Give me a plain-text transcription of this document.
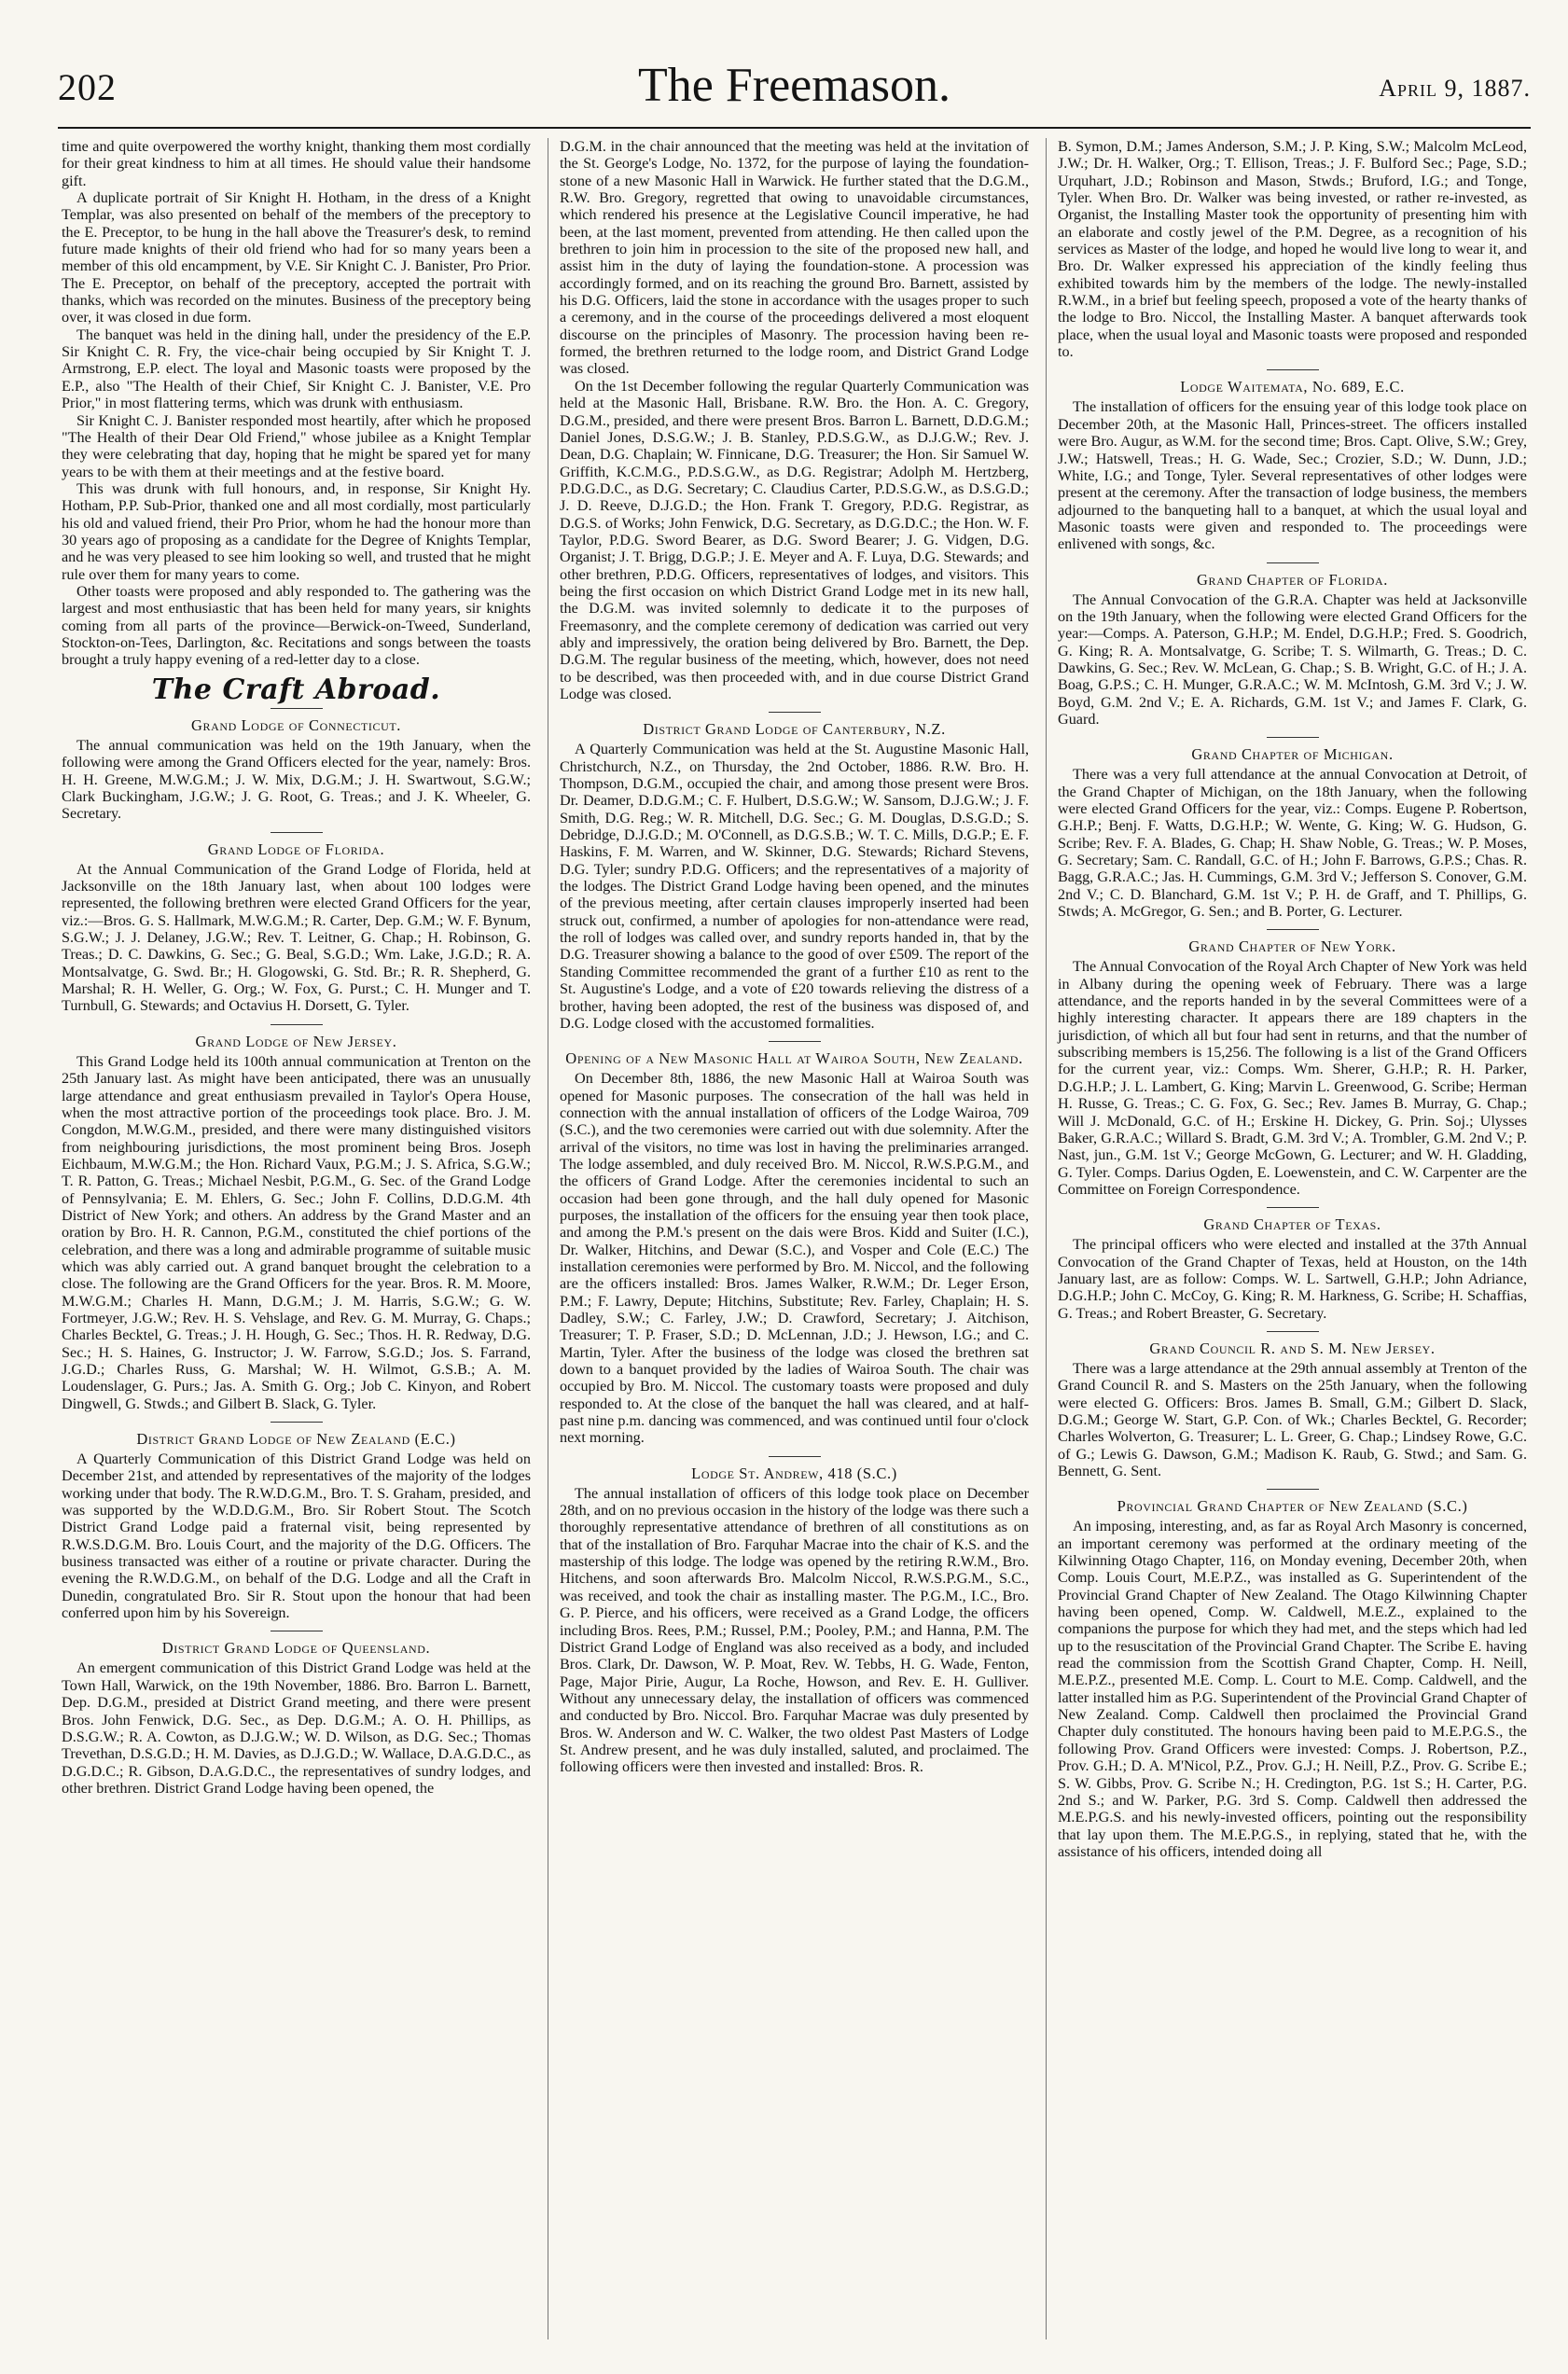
202	The Freemason.	April 9, 1887.

time and quite overpowered the worthy knight, thanking them most cordially for their great kindness to him at all times. He should value their handsome gift.

A duplicate portrait of Sir Knight H. Hotham, in the dress of a Knight Templar, was also presented on behalf of the members of the preceptory to the E. Preceptor, to be hung in the hall above the Treasurer's desk, to remind future made knights of their old friend who had for so many years been a member of this old encampment, by V.E. Sir Knight C. J. Banister, Pro Prior. The E. Preceptor, on behalf of the preceptory, accepted the portrait with thanks, which was recorded on the minutes. Business of the preceptory being over, it was closed in due form.

The banquet was held in the dining hall, under the presidency of the E.P. Sir Knight C. R. Fry, the vice-chair being occupied by Sir Knight T. J. Armstrong, E.P. elect. The loyal and Masonic toasts were proposed by the E.P., also "The Health of their Chief, Sir Knight C. J. Banister, V.E. Pro Prior," in most flattering terms, which was drunk with enthusiasm.

Sir Knight C. J. Banister responded most heartily, after which he proposed "The Health of their Dear Old Friend," whose jubilee as a Knight Templar they were celebrating that day, hoping that he might be spared yet for many years to be with them at their meetings and at the festive board.

This was drunk with full honours, and, in response, Sir Knight Hy. Hotham, P.P. Sub-Prior, thanked one and all most cordially, most particularly his old and valued friend, their Pro Prior, whom he had the honour more than 30 years ago of proposing as a candidate for the Degree of Knights Templar, and he was very pleased to see him looking so well, and trusted that he might rule over them for many years to come.

Other toasts were proposed and ably responded to. The gathering was the largest and most enthusiastic that has been held for many years, sir knights coming from all parts of the province—Berwick-on-Tweed, Sunderland, Stockton-on-Tees, Darlington, &c. Recitations and songs between the toasts brought a truly happy evening of a red-letter day to a close.

The Craft Abroad.
Grand Lodge of Connecticut.

The annual communication was held on the 19th January, when the following were among the Grand Officers elected for the year, namely: Bros. H. H. Greene, M.W.G.M.; J. W. Mix, D.G.M.; J. H. Swartwout, S.G.W.; Clark Buckingham, J.G.W.; J. G. Root, G. Treas.; and J. K. Wheeler, G. Secretary.

Grand Lodge of Florida.

At the Annual Communication of the Grand Lodge of Florida, held at Jacksonville on the 18th January last, when about 100 lodges were represented, the following brethren were elected Grand Officers for the year, viz.:—Bros. G. S. Hallmark, M.W.G.M.; R. Carter, Dep. G.M.; W. F. Bynum, S.G.W.; J. J. Delaney, J.G.W.; Rev. T. Leitner, G. Chap.; H. Robinson, G. Treas.; D. C. Dawkins, G. Sec.; G. Beal, S.G.D.; Wm. Lake, J.G.D.; R. A. Montsalvatge, G. Swd. Br.; H. Glogowski, G. Std. Br.; R. R. Shepherd, G. Marshal; R. H. Weller, G. Org.; W. Fox, G. Purst.; C. H. Munger and T. Turnbull, G. Stewards; and Octavius H. Dorsett, G. Tyler.

Grand Lodge of New Jersey.

This Grand Lodge held its 100th annual communication at Trenton on the 25th January last. As might have been anticipated, there was an unusually large attendance and great enthusiasm prevailed in Taylor's Opera House, when the most attractive portion of the proceedings took place. Bro. J. M. Congdon, M.W.G.M., presided, and there were many distinguished visitors from neighbouring jurisdictions, the most prominent being Bros. Joseph Eichbaum, M.W.G.M.; the Hon. Richard Vaux, P.G.M.; J. S. Africa, S.G.W.; T. R. Patton, G. Treas.; Michael Nesbit, P.G.M., G. Sec. of the Grand Lodge of Pennsylvania; E. M. Ehlers, G. Sec.; John F. Collins, D.D.G.M. 4th District of New York; and others. An address by the Grand Master and an oration by Bro. H. R. Cannon, P.G.M., constituted the chief portions of the celebration, and there was a long and admirable programme of suitable music which was ably carried out. A grand banquet brought the celebration to a close. The following are the Grand Officers for the year. Bros. R. M. Moore, M.W.G.M.; Charles H. Mann, D.G.M.; J. M. Harris, S.G.W.; G. W. Fortmeyer, J.G.W.; Rev. H. S. Vehslage, and Rev. G. M. Murray, G. Chaps.; Charles Becktel, G. Treas.; J. H. Hough, G. Sec.; Thos. H. R. Redway, D.G. Sec.; H. S. Haines, G. Instructor; J. W. Farrow, S.G.D.; Jos. S. Farrand, J.G.D.; Charles Russ, G. Marshal; W. H. Wilmot, G.S.B.; A. M. Loudenslager, G. Purs.; Jas. A. Smith G. Org.; Job C. Kinyon, and Robert Dingwell, G. Stwds.; and Gilbert B. Slack, G. Tyler.

District Grand Lodge of New Zealand (E.C.)

A Quarterly Communication of this District Grand Lodge was held on December 21st, and attended by representatives of the majority of the lodges working under that body. The R.W.D.G.M., Bro. T. S. Graham, presided, and was supported by the W.D.D.G.M., Bro. Sir Robert Stout. The Scotch District Grand Lodge paid a fraternal visit, being represented by R.W.S.D.G.M. Bro. Louis Court, and the majority of the D.G. Officers. The business transacted was either of a routine or private character. During the evening the R.W.D.G.M., on behalf of the D.G. Lodge and all the Craft in Dunedin, congratulated Bro. Sir R. Stout upon the honour that had been conferred upon him by his Sovereign.

District Grand Lodge of Queensland.

An emergent communication of this District Grand Lodge was held at the Town Hall, Warwick, on the 19th November, 1886. Bro. Barron L. Barnett, Dep. D.G.M., presided at District Grand meeting, and there were present Bros. John Fenwick, D.G. Sec., as Dep. D.G.M.; A. O. H. Phillips, as D.S.G.W.; R. A. Cowton, as D.J.G.W.; W. D. Wilson, as D.G. Sec.; Thomas Trevethan, D.S.G.D.; H. M. Davies, as D.J.G.D.; W. Wallace, D.A.G.D.C., as D.G.D.C.; R. Gibson, D.A.G.D.C., the representatives of sundry lodges, and other brethren. District Grand Lodge having been opened, the

D.G.M. in the chair announced that the meeting was held at the invitation of the St. George's Lodge, No. 1372, for the purpose of laying the foundation-stone of a new Masonic Hall in Warwick. He further stated that the D.G.M., R.W. Bro. Gregory, regretted that owing to unavoidable circumstances, which rendered his presence at the Legislative Council imperative, he had been, at the last moment, prevented from attending. He then called upon the brethren to join him in procession to the site of the proposed new hall, and assist him in the duty of laying the foundation-stone. A procession was accordingly formed, and on its reaching the ground Bro. Barnett, assisted by his D.G. Officers, laid the stone in accordance with the usages proper to such a ceremony, and in the course of the proceedings delivered a most eloquent discourse on the principles of Masonry. The procession having been re-formed, the brethren returned to the lodge room, and District Grand Lodge was closed.

On the 1st December following the regular Quarterly Communication was held at the Masonic Hall, Brisbane. R.W. Bro. the Hon. A. C. Gregory, D.G.M., presided, and there were present Bros. Barron L. Barnett, D.D.G.M.; Daniel Jones, D.S.G.W.; J. B. Stanley, P.D.S.G.W., as D.J.G.W.; Rev. J. Dean, D.G. Chaplain; W. Finnicane, D.G. Treasurer; the Hon. Sir Samuel W. Griffith, K.C.M.G., P.D.S.G.W., as D.G. Registrar; Adolph M. Hertzberg, P.D.G.D.C., as D.G. Secretary; C. Claudius Carter, P.D.S.G.W., as D.S.G.D.; J. D. Reeve, D.J.G.D.; the Hon. Frank T. Gregory, P.D.G. Registrar, as D.G.S. of Works; John Fenwick, D.G. Secretary, as D.G.D.C.; the Hon. W. F. Taylor, P.D.G. Sword Bearer, as D.G. Sword Bearer; J. G. Vidgen, D.G. Organist; J. T. Brigg, D.G.P.; J. E. Meyer and A. F. Luya, D.G. Stewards; and other brethren, P.D.G. Officers, representatives of lodges, and visitors. This being the first occasion on which District Grand Lodge met in its new hall, the D.G.M. was invited solemnly to dedicate it to the purposes of Freemasonry, and the complete ceremony of dedication was carried out very ably and impressively, the oration being delivered by Bro. Barnett, the Dep. D.G.M. The regular business of the meeting, which, however, does not need to be described, was then proceeded with, and in due course District Grand Lodge was closed.

District Grand Lodge of Canterbury, N.Z.

A Quarterly Communication was held at the St. Augustine Masonic Hall, Christchurch, N.Z., on Thursday, the 2nd October, 1886. R.W. Bro. H. Thompson, D.G.M., occupied the chair, and among those present were Bros. Dr. Deamer, D.D.G.M.; C. F. Hulbert, D.S.G.W.; W. Sansom, D.J.G.W.; J. F. Smith, D.G. Reg.; W. R. Mitchell, D.G. Sec.; G. M. Douglas, D.S.G.D.; S. Debridge, D.J.G.D.; M. O'Connell, as D.G.S.B.; W. T. C. Mills, D.G.P.; E. F. Haskins, F. M. Warren, and W. Skinner, D.G. Stewards; Richard Stevens, D.G. Tyler; sundry P.D.G. Officers; and the representatives of a majority of the lodges. The District Grand Lodge having been opened, and the minutes of the previous meeting, after certain clauses improperly inserted had been struck out, confirmed, a number of apologies for non-attendance were read, the roll of lodges was called over, and sundry reports handed in, that by the D.G. Treasurer showing a balance to the good of over £509. The report of the Standing Committee recommended the grant of a further £10 as rent to the St. Augustine's Lodge, and a vote of £20 towards relieving the distress of a brother, having been adopted, the rest of the business was disposed of, and D.G. Lodge closed with the accustomed formalities.

Opening of a New Masonic Hall at Wairoa South, New Zealand.

On December 8th, 1886, the new Masonic Hall at Wairoa South was opened for Masonic purposes. The consecration of the hall was held in connection with the annual installation of officers of the Lodge Wairoa, 709 (S.C.), and the two ceremonies were carried out with due solemnity. After the arrival of the visitors, no time was lost in having the preliminaries arranged. The lodge assembled, and duly received Bro. M. Niccol, R.W.S.P.G.M., and the officers of Grand Lodge. After the ceremonies incidental to such an occasion had been gone through, and the hall duly opened for Masonic purposes, the installation of the officers for the ensuing year then took place, and among the P.M.'s present on the dais were Bros. Kidd and Suiter (I.C.), Dr. Walker, Hitchins, and Dewar (S.C.), and Vosper and Cole (E.C.) The installation ceremonies were performed by Bro. M. Niccol, and the following are the officers installed: Bros. James Walker, R.W.M.; Dr. Leger Erson, P.M.; F. Lawry, Depute; Hitchins, Substitute; Rev. Farley, Chaplain; H. S. Dadley, S.W.; C. Farley, J.W.; D. Crawford, Secretary; J. Aitchison, Treasurer; T. P. Fraser, S.D.; D. McLennan, J.D.; J. Hewson, I.G.; and C. Martin, Tyler. After the business of the lodge was closed the brethren sat down to a banquet provided by the ladies of Wairoa South. The chair was occupied by Bro. M. Niccol. The customary toasts were proposed and duly responded to. At the close of the banquet the hall was cleared, and at half-past nine p.m. dancing was commenced, and was continued until four o'clock next morning.

Lodge St. Andrew, 418 (S.C.)

The annual installation of officers of this lodge took place on December 28th, and on no previous occasion in the history of the lodge was there such a thoroughly representative attendance of brethren of all constitutions as on that of the installation of Bro. Farquhar Macrae into the chair of K.S. and the mastership of this lodge. The lodge was opened by the retiring R.W.M., Bro. Hitchens, and soon afterwards Bro. Malcolm Niccol, R.W.S.P.G.M., S.C., was received, and took the chair as installing master. The P.G.M., I.C., Bro. G. P. Pierce, and his officers, were received as a Grand Lodge, the officers including Bros. Rees, P.M.; Russel, P.M.; Pooley, P.M.; and Hanna, P.M. The District Grand Lodge of England was also received as a body, and included Bros. Clark, Dr. Dawson, W. P. Moat, Rev. W. Tebbs, H. G. Wade, Fenton, Page, Major Pirie, Augur, La Roche, Howson, and Rev. E. H. Gulliver. Without any unnecessary delay, the installation of officers was commenced and conducted by Bro. Niccol. Bro. Farquhar Macrae was duly presented by Bros. W. Anderson and W. C. Walker, the two oldest Past Masters of Lodge St. Andrew present, and he was duly installed, saluted, and proclaimed. The following officers were then invested and installed: Bros. R.

B. Symon, D.M.; James Anderson, S.M.; J. P. King, S.W.; Malcolm McLeod, J.W.; Dr. H. Walker, Org.; T. Ellison, Treas.; J. F. Bulford Sec.; Page, S.D.; Urquhart, J.D.; Robinson and Mason, Stwds.; Bruford, I.G.; and Tonge, Tyler. When Bro. Dr. Walker was being invested, or rather re-invested, as Organist, the Installing Master took the opportunity of presenting him with an elaborate and costly jewel of the P.M. Degree, as a recognition of his services as Master of the lodge, and hoped he would live long to wear it, and Bro. Dr. Walker expressed his appreciation of the kindly feeling thus exhibited towards him by the members of the lodge. The newly-installed R.W.M., in a brief but feeling speech, proposed a vote of the hearty thanks of the lodge to Bro. Niccol, the Installing Master. A banquet afterwards took place, when the usual loyal and Masonic toasts were proposed and responded to.

Lodge Waitemata, No. 689, E.C.

The installation of officers for the ensuing year of this lodge took place on December 20th, at the Masonic Hall, Princes-street. The officers installed were Bro. Augur, as W.M. for the second time; Bros. Capt. Olive, S.W.; Grey, J.W.; Hatswell, Treas.; H. G. Wade, Sec.; Crozier, S.D.; W. Dunn, J.D.; White, I.G.; and Tonge, Tyler. Several representatives of other lodges were present at the ceremony. After the transaction of lodge business, the members adjourned to the banqueting hall to a banquet, at which the usual loyal and Masonic toasts were given and responded to. The proceedings were enlivened with songs, &c.

Grand Chapter of Florida.

The Annual Convocation of the G.R.A. Chapter was held at Jacksonville on the 19th January, when the following were elected Grand Officers for the year:—Comps. A. Paterson, G.H.P.; M. Endel, D.G.H.P.; Fred. S. Goodrich, G. King; R. A. Montsalvatge, G. Scribe; T. S. Wilmarth, G. Treas.; D. C. Dawkins, G. Sec.; Rev. W. McLean, G. Chap.; S. B. Wright, G.C. of H.; J. A. Boag, G.P.S.; C. H. Munger, G.R.A.C.; W. M. McIntosh, G.M. 3rd V.; J. W. Boyd, G.M. 2nd V.; E. A. Richards, G.M. 1st V.; and James F. Clark, G. Guard.

Grand Chapter of Michigan.

There was a very full attendance at the annual Convocation at Detroit, of the Grand Chapter of Michigan, on the 18th January, when the following were elected Grand Officers for the year, viz.: Comps. Eugene P. Robertson, G.H.P.; Benj. F. Watts, D.G.H.P.; W. Wente, G. King; W. G. Hudson, G. Scribe; Rev. F. A. Blades, G. Chap; H. Shaw Noble, G. Treas.; W. P. Moses, G. Secretary; Sam. C. Randall, G.C. of H.; John F. Barrows, G.P.S.; Chas. R. Bagg, G.R.A.C.; Jas. H. Cummings, G.M. 3rd V.; Jefferson S. Conover, G.M. 2nd V.; C. D. Blanchard, G.M. 1st V.; P. H. de Graff, and T. Phillips, G. Stwds; A. McGregor, G. Sen.; and B. Porter, G. Lecturer.

Grand Chapter of New York.

The Annual Convocation of the Royal Arch Chapter of New York was held in Albany during the opening week of February. There was a large attendance, and the reports handed in by the several Committees were of a highly interesting character. It appears there are 189 chapters in the jurisdiction, of which all but four had sent in returns, and that the number of subscribing members is 15,256. The following is a list of the Grand Officers for the current year, viz.: Comps. Wm. Sherer, G.H.P.; R. H. Parker, D.G.H.P.; J. L. Lambert, G. King; Marvin L. Greenwood, G. Scribe; Herman H. Russe, G. Treas.; C. G. Fox, G. Sec.; Rev. James B. Murray, G. Chap.; Will J. McDonald, G.C. of H.; Erskine H. Dickey, G. Prin. Soj.; Ulysses Baker, G.R.A.C.; Willard S. Bradt, G.M. 3rd V.; A. Trombler, G.M. 2nd V.; P. Nast, jun., G.M. 1st V.; George McGown, G. Lecturer; and W. H. Gladding, G. Tyler. Comps. Darius Ogden, E. Loewenstein, and C. W. Carpenter are the Committee on Foreign Correspondence.

Grand Chapter of Texas.

The principal officers who were elected and installed at the 37th Annual Convocation of the Grand Chapter of Texas, held at Houston, on the 14th January last, are as follow: Comps. W. L. Sartwell, G.H.P.; John Adriance, D.G.H.P.; John C. McCoy, G. King; R. M. Harkness, G. Scribe; H. Schaffias, G. Treas.; and Robert Breaster, G. Secretary.

Grand Council R. and S. M. New Jersey.

There was a large attendance at the 29th annual assembly at Trenton of the Grand Council R. and S. Masters on the 25th January, when the following were elected G. Officers: Bros. James B. Small, G.M.; Gilbert D. Slack, D.G.M.; George W. Start, G.P. Con. of Wk.; Charles Becktel, G. Recorder; Charles Wolverton, G. Treasurer; L. L. Greer, G. Chap.; Lindsey Rowe, G.C. of G.; Lewis G. Dawson, G.M.; Madison K. Raub, G. Stwd.; and Sam. G. Bennett, G. Sent.

Provincial Grand Chapter of New Zealand (S.C.)

An imposing, interesting, and, as far as Royal Arch Masonry is concerned, an important ceremony was performed at the ordinary meeting of the Kilwinning Otago Chapter, 116, on Monday evening, December 20th, when Comp. Louis Court, M.E.P.Z., was installed as G. Superintendent of the Provincial Grand Chapter of New Zealand. The Otago Kilwinning Chapter having been opened, Comp. W. Caldwell, M.E.Z., explained to the companions the purpose for which they had met, and the steps which had led up to the resuscitation of the Provincial Grand Chapter. The Scribe E. having read the commission from the Scottish Grand Chapter, Comp. H. Neill, M.E.P.Z., presented M.E. Comp. L. Court to M.E. Comp. Caldwell, and the latter installed him as P.G. Superintendent of the Provincial Grand Chapter of New Zealand. Comp. Caldwell then proclaimed the Provincial Grand Chapter duly constituted. The honours having been paid to M.E.P.G.S., the following Prov. Grand Officers were invested: Comps. J. Robertson, P.Z., Prov. G.H.; D. A. M'Nicol, P.Z., Prov. G.J.; H. Neill, P.Z., Prov. G. Scribe E.; S. W. Gibbs, Prov. G. Scribe N.; H. Credington, P.G. 1st S.; H. Carter, P.G. 2nd S.; and W. Parker, P.G. 3rd S. Comp. Caldwell then addressed the M.E.P.G.S. and his newly-invested officers, pointing out the responsibility that lay upon them. The M.E.P.G.S., in replying, stated that he, with the assistance of his officers, intended doing all
